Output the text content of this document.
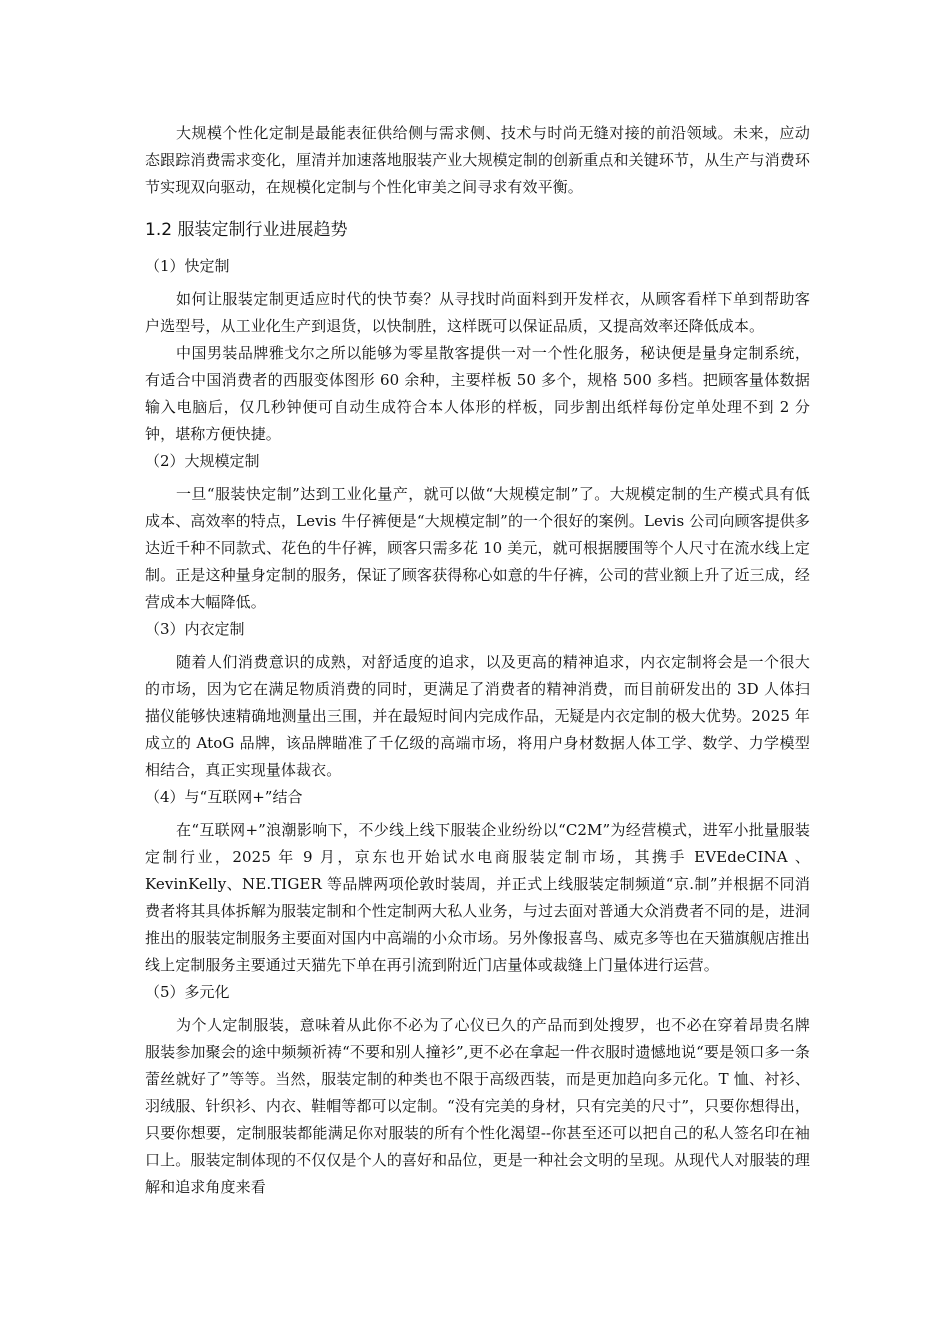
大规模个性化定制是最能表征供给侧与需求侧、技术与时尚无缝对接的前沿领域。未来，应动态跟踪消费需求变化，厘清并加速落地服装产业大规模定制的创新重点和关键环节，从生产与消费环节实现双向驱动，在规模化定制与个性化审美之间寻求有效平衡。

1.2 服装定制行业进展趋势
（1）快定制

如何让服装定制更适应时代的快节奏？从寻找时尚面料到开发样衣，从顾客看样下单到帮助客户选型号，从工业化生产到退货，以快制胜，这样既可以保证品质，又提高效率还降低成本。

中国男装品牌雅戈尔之所以能够为零星散客提供一对一个性化服务，秘诀便是量身定制系统，有适合中国消费者的西服变体图形 60 余种，主要样板 50 多个，规格 500 多档。把顾客量体数据输入电脑后，仅几秒钟便可自动生成符合本人体形的样板，同步割出纸样每份定单处理不到 2 分钟，堪称方便快捷。

（2）大规模定制

一旦“服装快定制”达到工业化量产，就可以做“大规模定制”了。大规模定制的生产模式具有低成本、高效率的特点，Levis 牛仔裤便是“大规模定制”的一个很好的案例。Levis 公司向顾客提供多达近千种不同款式、花色的牛仔裤，顾客只需多花 10 美元，就可根据腰围等个人尺寸在流水线上定制。正是这种量身定制的服务，保证了顾客获得称心如意的牛仔裤，公司的营业额上升了近三成，经营成本大幅降低。

（3）内衣定制

随着人们消费意识的成熟，对舒适度的追求，以及更高的精神追求，内衣定制将会是一个很大的市场，因为它在满足物质消费的同时，更满足了消费者的精神消费，而目前研发出的 3D 人体扫描仪能够快速精确地测量出三围，并在最短时间内完成作品，无疑是内衣定制的极大优势。2025 年成立的 AtoG 品牌，该品牌瞄准了千亿级的高端市场，将用户身材数据人体工学、数学、力学模型相结合，真正实现量体裁衣。

（4）与“互联网+”结合

在“互联网+”浪潮影响下，不少线上线下服装企业纷纷以“C2M”为经营模式，进军小批量服装定制行业，2025 年 9 月，京东也开始试水电商服装定制市场，其携手 EVEdeCINA 、KevinKelly、NE.TIGER 等品牌两项伦敦时装周，并正式上线服装定制频道“京.制”并根据不同消费者将其具体拆解为服装定制和个性定制两大私人业务，与过去面对普通大众消费者不同的是，进洞推出的服装定制服务主要面对国内中高端的小众市场。另外像报喜鸟、威克多等也在天猫旗舰店推出线上定制服务主要通过天猫先下单在再引流到附近门店量体或裁缝上门量体进行运营。

（5）多元化

为个人定制服装，意味着从此你不必为了心仪已久的产品而到处搜罗，也不必在穿着昂贵名牌服装参加聚会的途中频频祈祷“不要和别人撞衫”,更不必在拿起一件衣服时遗憾地说“要是领口多一条蕾丝就好了”等等。当然，服装定制的种类也不限于高级西装，而是更加趋向多元化。T 恤、衬衫、羽绒服、针织衫、内衣、鞋帽等都可以定制。“没有完美的身材，只有完美的尺寸”，只要你想得出，只要你想要，定制服装都能满足你对服装的所有个性化渴望--你甚至还可以把自己的私人签名印在袖口上。服装定制体现的不仅仅是个人的喜好和品位，更是一种社会文明的呈现。从现代人对服装的理解和追求角度来看
